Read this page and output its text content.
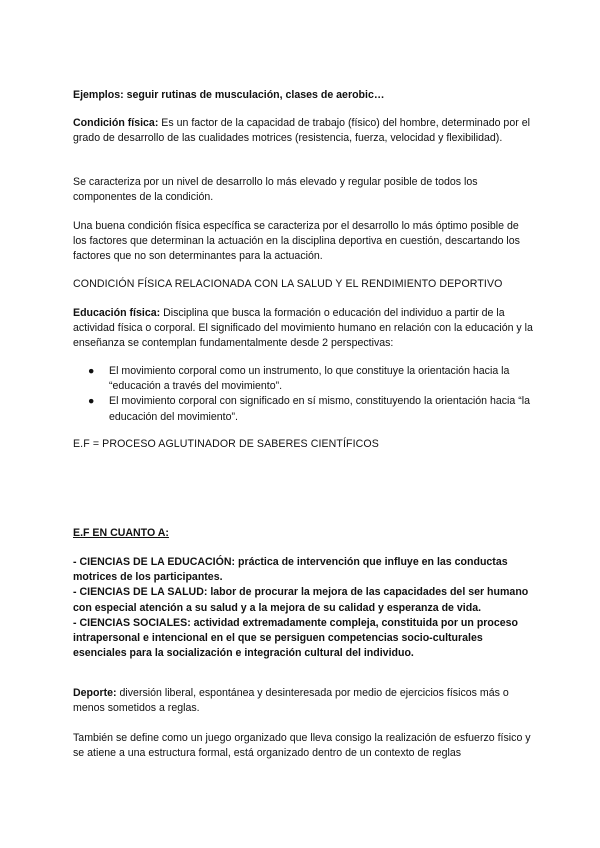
Ejemplos: seguir rutinas de musculación, clases de aerobic…

Condición física: Es un factor de la capacidad de trabajo (físico) del hombre, determinado por el grado de desarrollo de las cualidades motrices (resistencia, fuerza, velocidad y flexibilidad).

Se caracteriza por un nivel de desarrollo lo más elevado y regular posible de todos los componentes de la condición.

Una buena condición física específica se caracteriza por el desarrollo lo más óptimo posible de los factores que determinan la actuación en la disciplina deportiva en cuestión, descartando los factores que no son determinantes para la actuación.

CONDICIÓN FÍSICA RELACIONADA CON LA SALUD Y EL RENDIMIENTO DEPORTIVO

Educación física: Disciplina que busca la formación o educación del individuo a partir de la actividad física o corporal. El significado del movimiento humano en relación con la educación y la enseñanza se contemplan fundamentalmente desde 2 perspectivas:

● El movimiento corporal como un instrumento, lo que constituye la orientación hacia la “educación a través del movimiento”.
● El movimiento corporal con significado en sí mismo, constituyendo la orientación hacia “la educación del movimiento”.

E.F = PROCESO AGLUTINADOR DE SABERES CIENTÍFICOS

E.F EN CUANTO A:

- CIENCIAS DE LA EDUCACIÓN: práctica de intervención que influye en las conductas motrices de los participantes.

- CIENCIAS DE LA SALUD: labor de procurar la mejora de las capacidades del ser humano con especial atención a su salud y a la mejora de su calidad y esperanza de vida.

- CIENCIAS SOCIALES: actividad extremadamente compleja, constituida por un proceso intrapersonal e intencional en el que se persiguen competencias socio-culturales esenciales para la socialización e integración cultural del individuo.

Deporte: diversión liberal, espontánea y desinteresada por medio de ejercicios físicos más o menos sometidos a reglas.

También se define como un juego organizado que lleva consigo la realización de esfuerzo físico y se atiene a una estructura formal, está organizado dentro de un contexto de reglas
